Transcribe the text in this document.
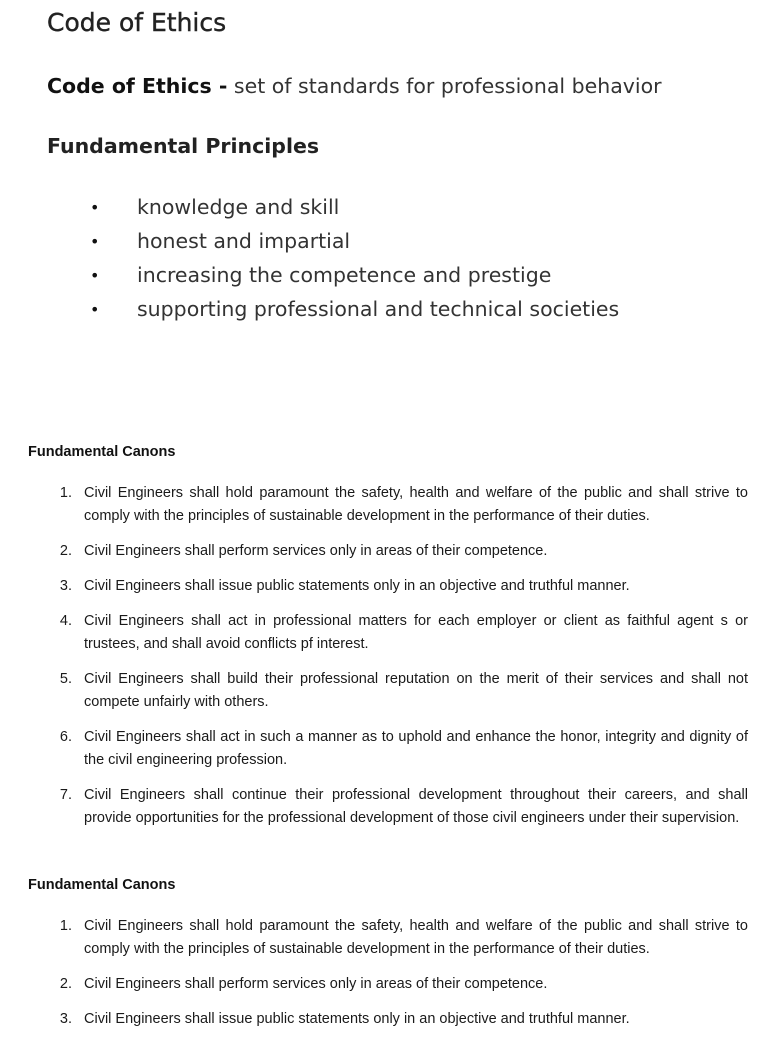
Code of Ethics
Code of Ethics - set of standards for professional behavior
Fundamental Principles
•	knowledge and skill
•	honest and impartial
•	increasing the competence and prestige
•	supporting professional and technical societies
Fundamental Canons
1. Civil Engineers shall hold paramount the safety, health and welfare of the public and shall strive to comply with the principles of sustainable development in the performance of their duties.
2. Civil Engineers shall perform services only in areas of their competence.
3. Civil Engineers shall issue public statements only in an objective and truthful manner.
4. Civil Engineers shall act in professional matters for each employer or client as faithful agent s or trustees, and shall avoid conflicts pf interest.
5. Civil Engineers shall build their professional reputation on the merit of their services and shall not compete unfairly with others.
6. Civil Engineers shall act in such a manner as to uphold and enhance the honor, integrity and dignity of the civil engineering profession.
7. Civil Engineers shall continue their professional development throughout their careers, and shall provide opportunities for the professional development of those civil engineers under their supervision.
Fundamental Canons
1. Civil Engineers shall hold paramount the safety, health and welfare of the public and shall strive to comply with the principles of sustainable development in the performance of their duties.
2. Civil Engineers shall perform services only in areas of their competence.
3. Civil Engineers shall issue public statements only in an objective and truthful manner.
